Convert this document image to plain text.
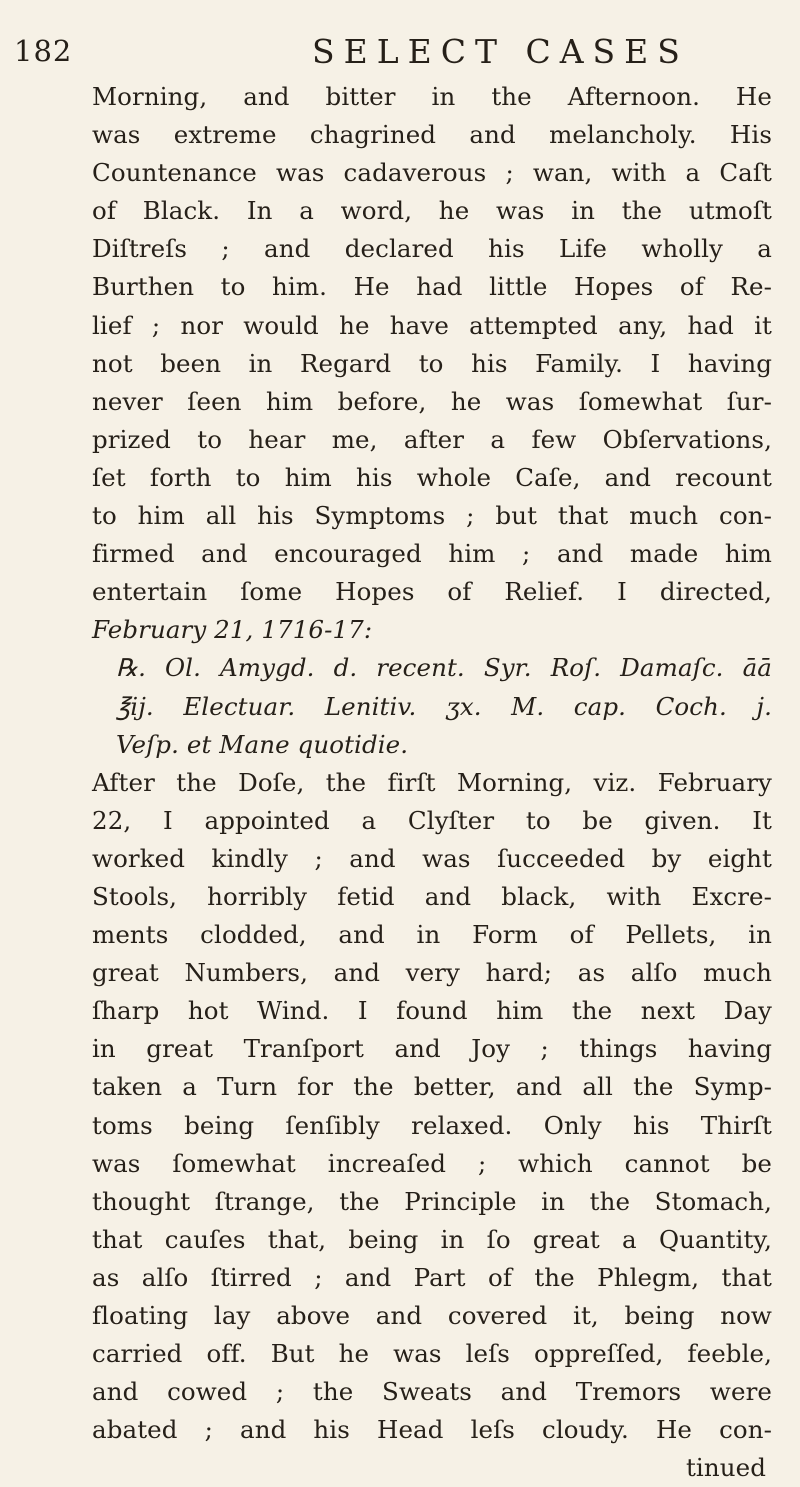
182	SELECT CASES
Morning, and bitter in the Afternoon. He
was extreme chagrined and melancholy. His
Countenance was cadaverous ; wan, with a Caſt
of Black. In a word, he was in the utmoſt
Diſtreſs ; and declared his Life wholly a
Burthen to him. He had little Hopes of Re-
lief ; nor would he have attempted any, had it
not been in Regard to his Family. I having
never ſeen him before, he was ſomewhat ſur-
prized to hear me, after a few Obſervations,
ſet forth to him his whole Caſe, and recount
to him all his Symptoms ; but that much con-
firmed and encouraged him ; and made him
entertain ſome Hopes of Relief. I directed,
February 21, 1716-17:
℞. Ol. Amygd. d. recent. Syr. Roſ. Damaſc. āā
℥ij. Electuar. Lenitiv. ʒx. M. cap. Coch. j.
Veſp. et Mane quotidie.
After the Doſe, the firſt Morning, viz. February
22, I appointed a Clyſter to be given. It
worked kindly ; and was ſucceeded by eight
Stools, horribly fetid and black, with Excre-
ments clodded, and in Form of Pellets, in
great Numbers, and very hard; as alſo much
ſharp hot Wind. I found him the next Day
in great Tranſport and Joy ; things having
taken a Turn for the better, and all the Symp-
toms being ſenſibly relaxed. Only his Thirſt
was ſomewhat increaſed ; which cannot be
thought ſtrange, the Principle in the Stomach,
that cauſes that, being in ſo great a Quantity,
as alſo ſtirred ; and Part of the Phlegm, that
floating lay above and covered it, being now
carried off. But he was leſs oppreſſed, feeble,
and cowed ; the Sweats and Tremors were
abated ; and his Head leſs cloudy. He con-
tinued
